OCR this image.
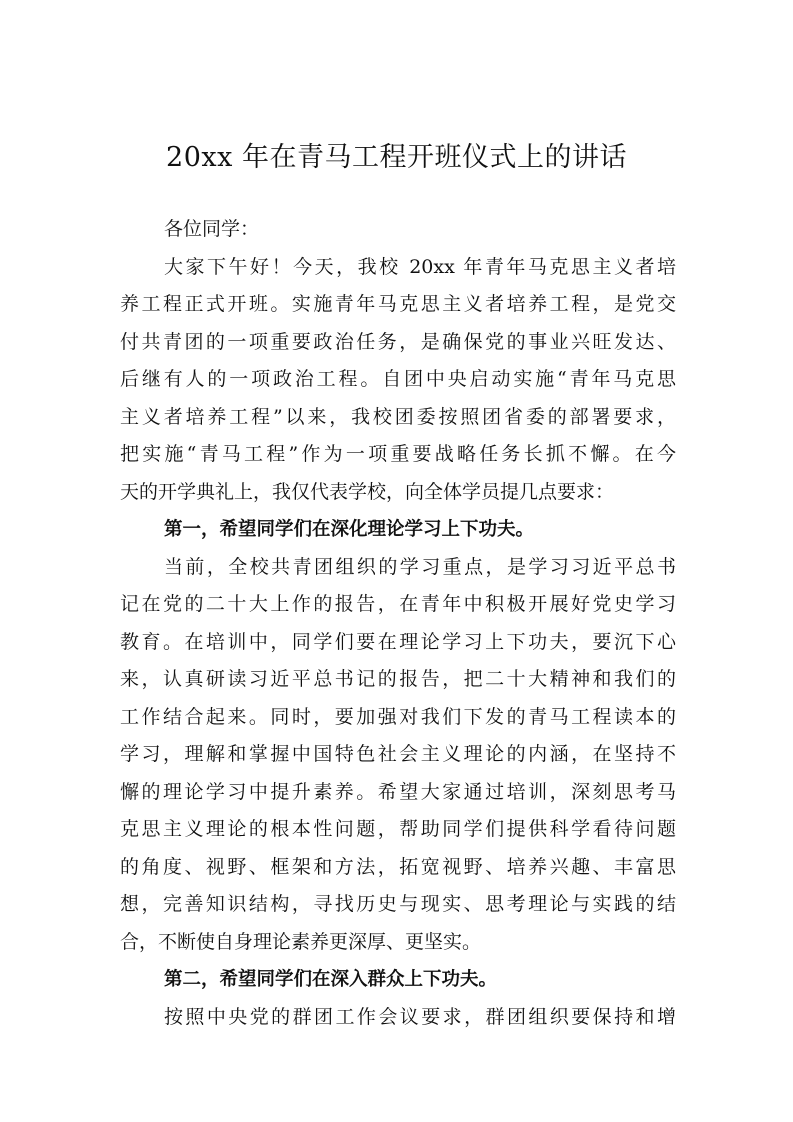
20xx 年在青马工程开班仪式上的讲话
各位同学：
大家下午好！今天，我校 20xx 年青年马克思主义者培
养工程正式开班。实施青年马克思主义者培养工程，是党交
付共青团的一项重要政治任务，是确保党的事业兴旺发达、
后继有人的一项政治工程。自团中央启动实施“青年马克思
主义者培养工程”以来，我校团委按照团省委的部署要求，
把实施“青马工程”作为一项重要战略任务长抓不懈。在今
天的开学典礼上，我仅代表学校，向全体学员提几点要求：
第一，希望同学们在深化理论学习上下功夫。
当前，全校共青团组织的学习重点，是学习习近平总书
记在党的二十大上作的报告，在青年中积极开展好党史学习
教育。在培训中，同学们要在理论学习上下功夫，要沉下心
来，认真研读习近平总书记的报告，把二十大精神和我们的
工作结合起来。同时，要加强对我们下发的青马工程读本的
学习，理解和掌握中国特色社会主义理论的内涵，在坚持不
懈的理论学习中提升素养。希望大家通过培训，深刻思考马
克思主义理论的根本性问题，帮助同学们提供科学看待问题
的角度、视野、框架和方法，拓宽视野、培养兴趣、丰富思
想，完善知识结构，寻找历史与现实、思考理论与实践的结
合，不断使自身理论素养更深厚、更坚实。
第二，希望同学们在深入群众上下功夫。
按照中央党的群团工作会议要求，群团组织要保持和增
